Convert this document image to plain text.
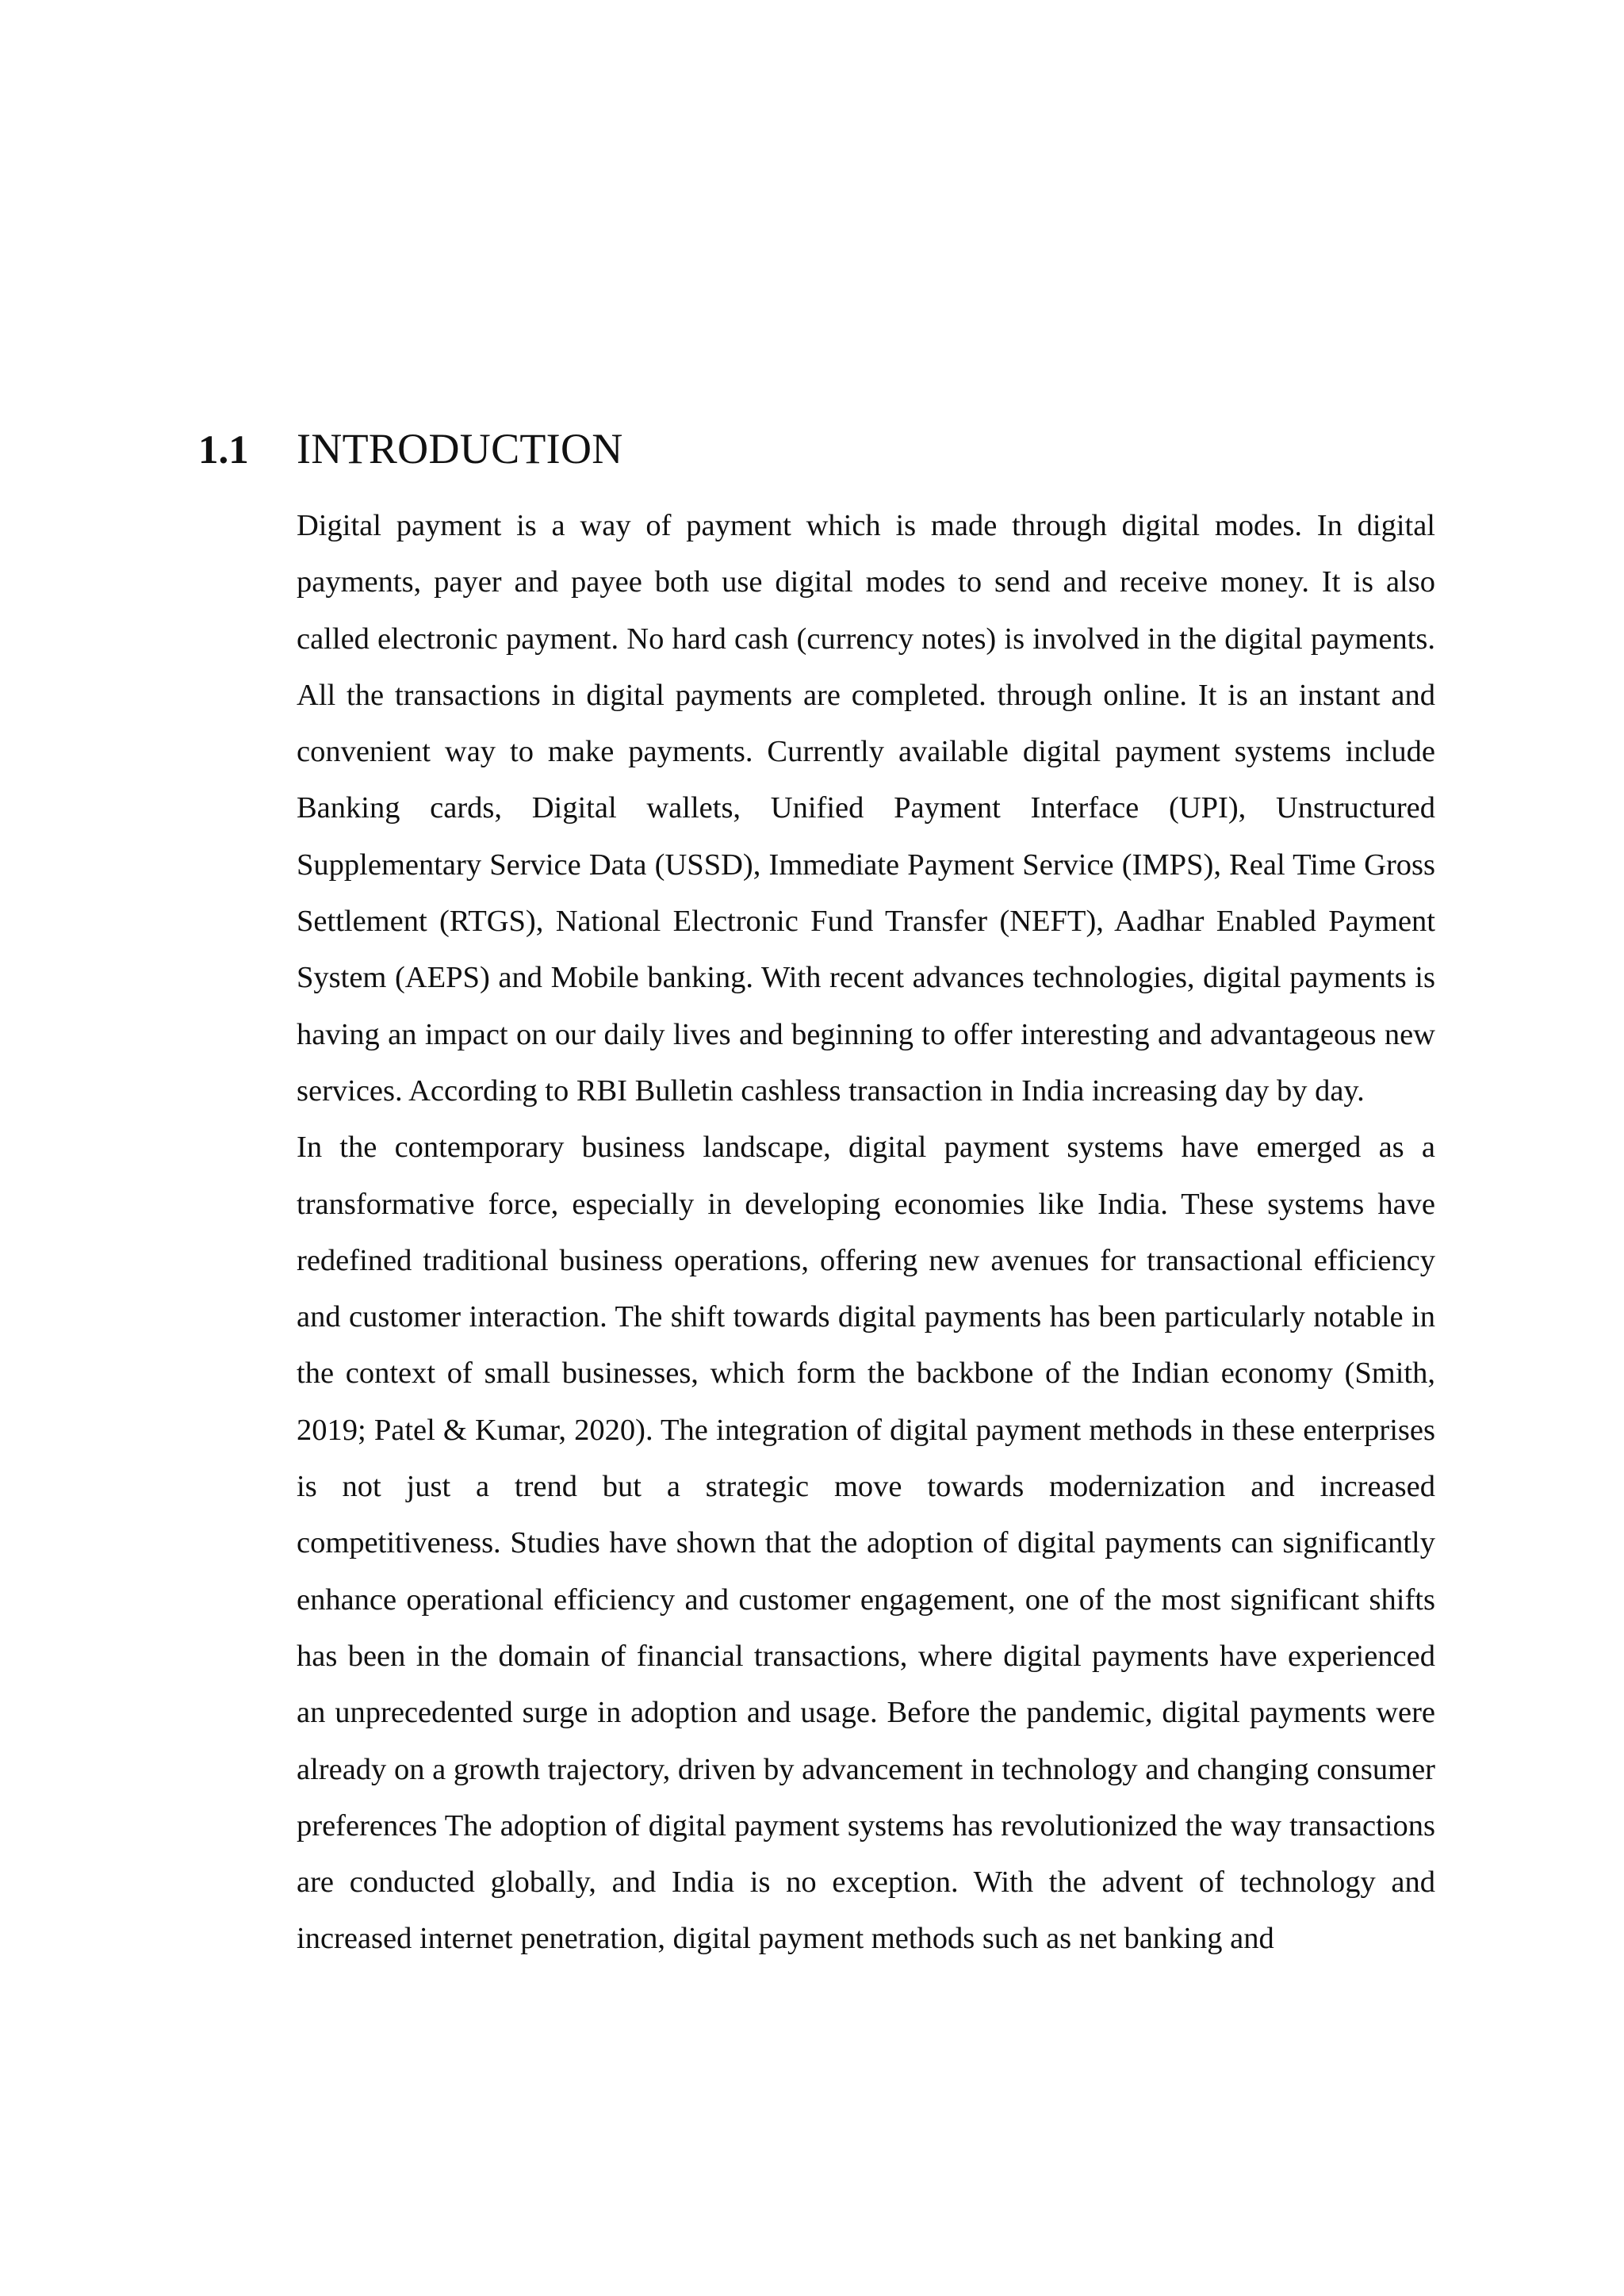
1.1	INTRODUCTION

Digital payment is a way of payment which is made through digital modes. In digital payments, payer and payee both use digital modes to send and receive money. It is also called electronic payment. No hard cash (currency notes) is involved in the digital payments. All the transactions in digital payments are completed. through online. It is an instant and convenient way to make payments. Currently available digital payment systems include Banking cards, Digital wallets, Unified Payment Interface (UPI), Unstructured Supplementary Service Data (USSD), Immediate Payment Service (IMPS), Real Time Gross Settlement (RTGS), National Electronic Fund Transfer (NEFT), Aadhar Enabled Payment System (AEPS) and Mobile banking. With recent advances technologies, digital payments is having an impact on our daily lives and beginning to offer interesting and advantageous new services. According to RBI Bulletin cashless transaction in India increasing day by day.

In the contemporary business landscape, digital payment systems have emerged as a transformative force, especially in developing economies like India. These systems have redefined traditional business operations, offering new avenues for transactional efficiency and customer interaction. The shift towards digital payments has been particularly notable in the context of small businesses, which form the backbone of the Indian economy (Smith, 2019; Patel & Kumar, 2020). The integration of digital payment methods in these enterprises is not just a trend but a strategic move towards modernization and increased competitiveness. Studies have shown that the adoption of digital payments can significantly enhance operational efficiency and customer engagement, one of the most significant shifts has been in the domain of financial transactions, where digital payments have experienced an unprecedented surge in adoption and usage. Before the pandemic, digital payments were already on a growth trajectory, driven by advancement in technology and changing consumer preferences The adoption of digital payment systems has revolutionized the way transactions are conducted globally, and India is no exception. With the advent of technology and increased internet penetration, digital payment methods such as net banking and
